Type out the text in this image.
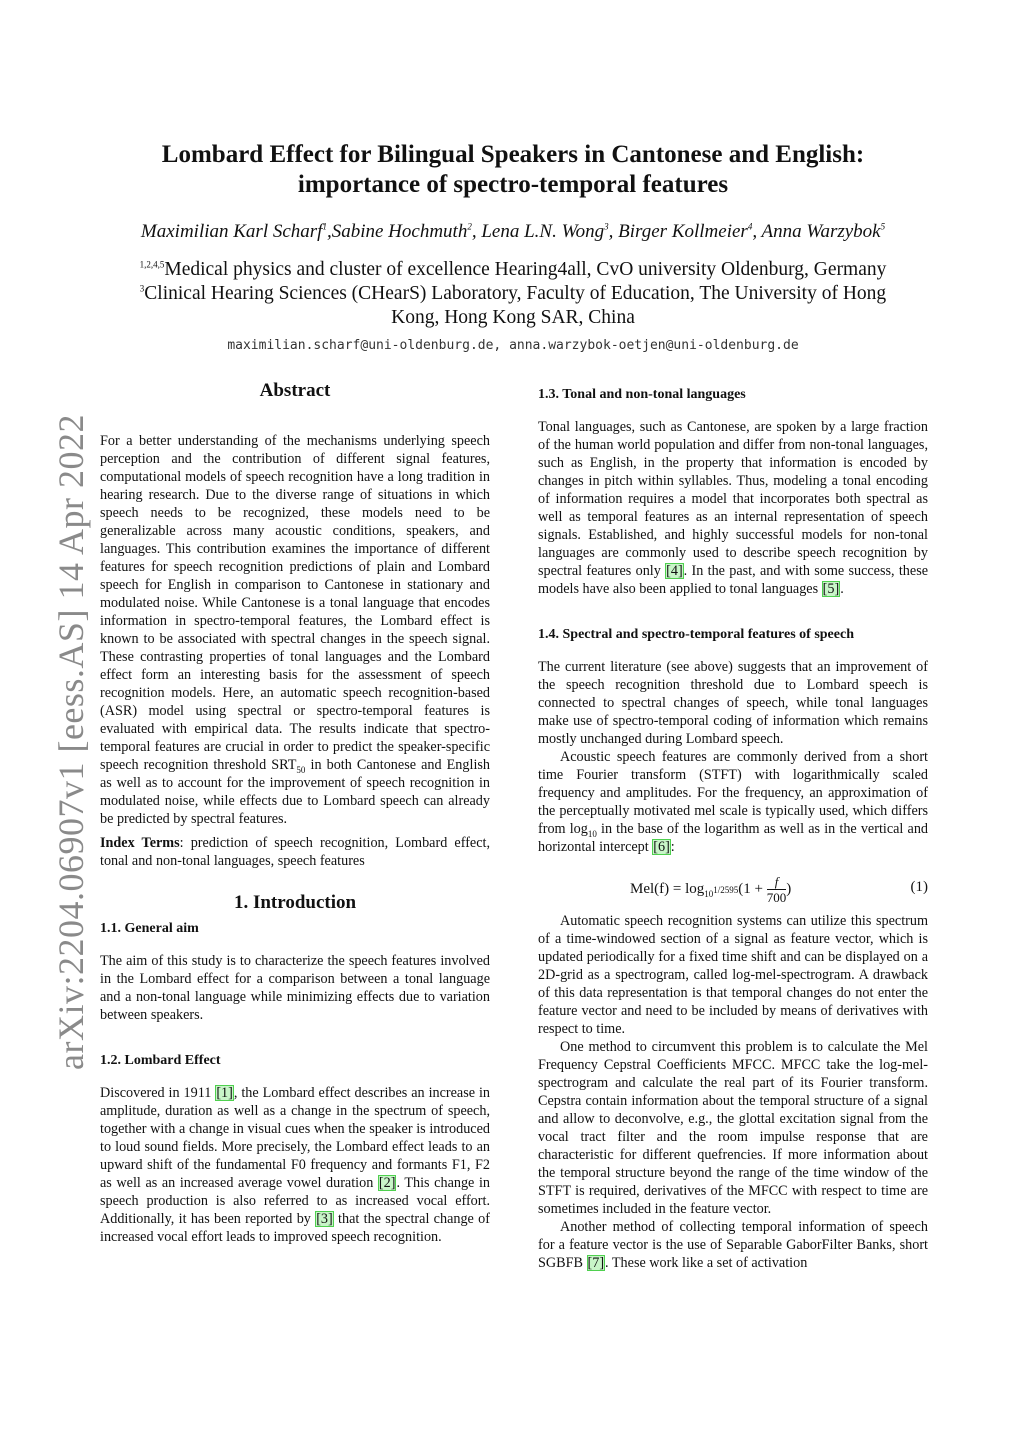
arXiv:2204.06907v1 [eess.AS] 14 Apr 2022
Lombard Effect for Bilingual Speakers in Cantonese and English:
importance of spectro-temporal features
Maximilian Karl Scharf$^1$,Sabine Hochmuth$^2$, Lena L.N. Wong$^3$, Birger Kollmeier$^4$, Anna Warzybok$^5$
$^{1,2,4,5}$Medical physics and cluster of excellence Hearing4all, CvO university Oldenburg, Germany
$^3$Clinical Hearing Sciences (CHearS) Laboratory, Faculty of Education, The University of Hong
Kong, Hong Kong SAR, China
maximilian.scharf@uni-oldenburg.de, anna.warzybok-oetjen@uni-oldenburg.de
Abstract

For a better understanding of the mechanisms underlying speech perception and the contribution of different signal features, computational models of speech recognition have a long tradition in hearing research. Due to the diverse range of situations in which speech needs to be recognized, these models need to be generalizable across many acoustic conditions, speakers, and languages. This contribution examines the importance of different features for speech recognition predictions of plain and Lombard speech for English in comparison to Cantonese in stationary and modulated noise. While Cantonese is a tonal language that encodes information in spectro-temporal features, the Lombard effect is known to be associated with spectral changes in the speech signal. These contrasting properties of tonal languages and the Lombard effect form an interesting basis for the assessment of speech recognition models. Here, an automatic speech recognition-based (ASR) model using spectral or spectro-temporal features is evaluated with empirical data. The results indicate that spectro-temporal features are crucial in order to predict the speaker-specific speech recognition threshold $SRT_{50}$ in both Cantonese and English as well as to account for the improvement of speech recognition in modulated noise, while effects due to Lombard speech can already be predicted by spectral features.

Index Terms: prediction of speech recognition, Lombard effect, tonal and non-tonal languages, speech features

1. Introduction
1.1. General aim

The aim of this study is to characterize the speech features involved in the Lombard effect for a comparison between a tonal language and a non-tonal language while minimizing effects due to variation between speakers.

1.2. Lombard Effect

Discovered in 1911 [1], the Lombard effect describes an increase in amplitude, duration as well as a change in the spectrum of speech, together with a change in visual cues when the speaker is introduced to loud sound fields. More precisely, the Lombard effect leads to an upward shift of the fundamental F0 frequency and formants F1, F2 as well as an increased average vowel duration [2]. This change in speech production is also referred to as increased vocal effort. Additionally, it has been reported by [3] that the spectral change of increased vocal effort leads to improved speech recognition.

1.3. Tonal and non-tonal languages

Tonal languages, such as Cantonese, are spoken by a large fraction of the human world population and differ from non-tonal languages, such as English, in the property that information is encoded by changes in pitch within syllables. Thus, modeling a tonal encoding of information requires a model that incorporates both spectral as well as temporal features as an internal representation of speech signals. Established, and highly successful models for non-tonal languages are commonly used to describe speech recognition by spectral features only [4]. In the past, and with some success, these models have also been applied to tonal languages [5].

1.4. Spectral and spectro-temporal features of speech

The current literature (see above) suggests that an improvement of the speech recognition threshold due to Lombard speech is connected to spectral changes of speech, while tonal languages make use of spectro-temporal coding of information which remains mostly unchanged during Lombard speech.

Acoustic speech features are commonly derived from a short time Fourier transform (STFT) with logarithmically scaled frequency and amplitudes. For the frequency, an approximation of the perceptually motivated mel scale is typically used, which differs from $\log_{10}$ in the base of the logarithm as well as in the vertical and horizontal intercept [6]:

$Mel(f) = \log_{10^{1/2595}}(1 + \frac{f}{700}$ )	(1)

Automatic speech recognition systems can utilize this spectrum of a time-windowed section of a signal as feature vector, which is updated periodically for a fixed time shift and can be displayed on a 2D-grid as a spectrogram, called log-mel-spectrogram. A drawback of this data representation is that temporal changes do not enter the feature vector and need to be included by means of derivatives with respect to time.

One method to circumvent this problem is to calculate the Mel Frequency Cepstral Coefficients MFCC. MFCC take the log-mel-spectrogram and calculate the real part of its Fourier transform. Cepstra contain information about the temporal structure of a signal and allow to deconvolve, e.g., the glottal excitation signal from the vocal tract filter and the room impulse response that are characteristic for different quefrencies. If more information about the temporal structure beyond the range of the time window of the STFT is required, derivatives of the MFCC with respect to time are sometimes included in the feature vector.

Another method of collecting temporal information of speech for a feature vector is the use of Separable GaborFilter Banks, short SGBFB [7]. These work like a set of activation
